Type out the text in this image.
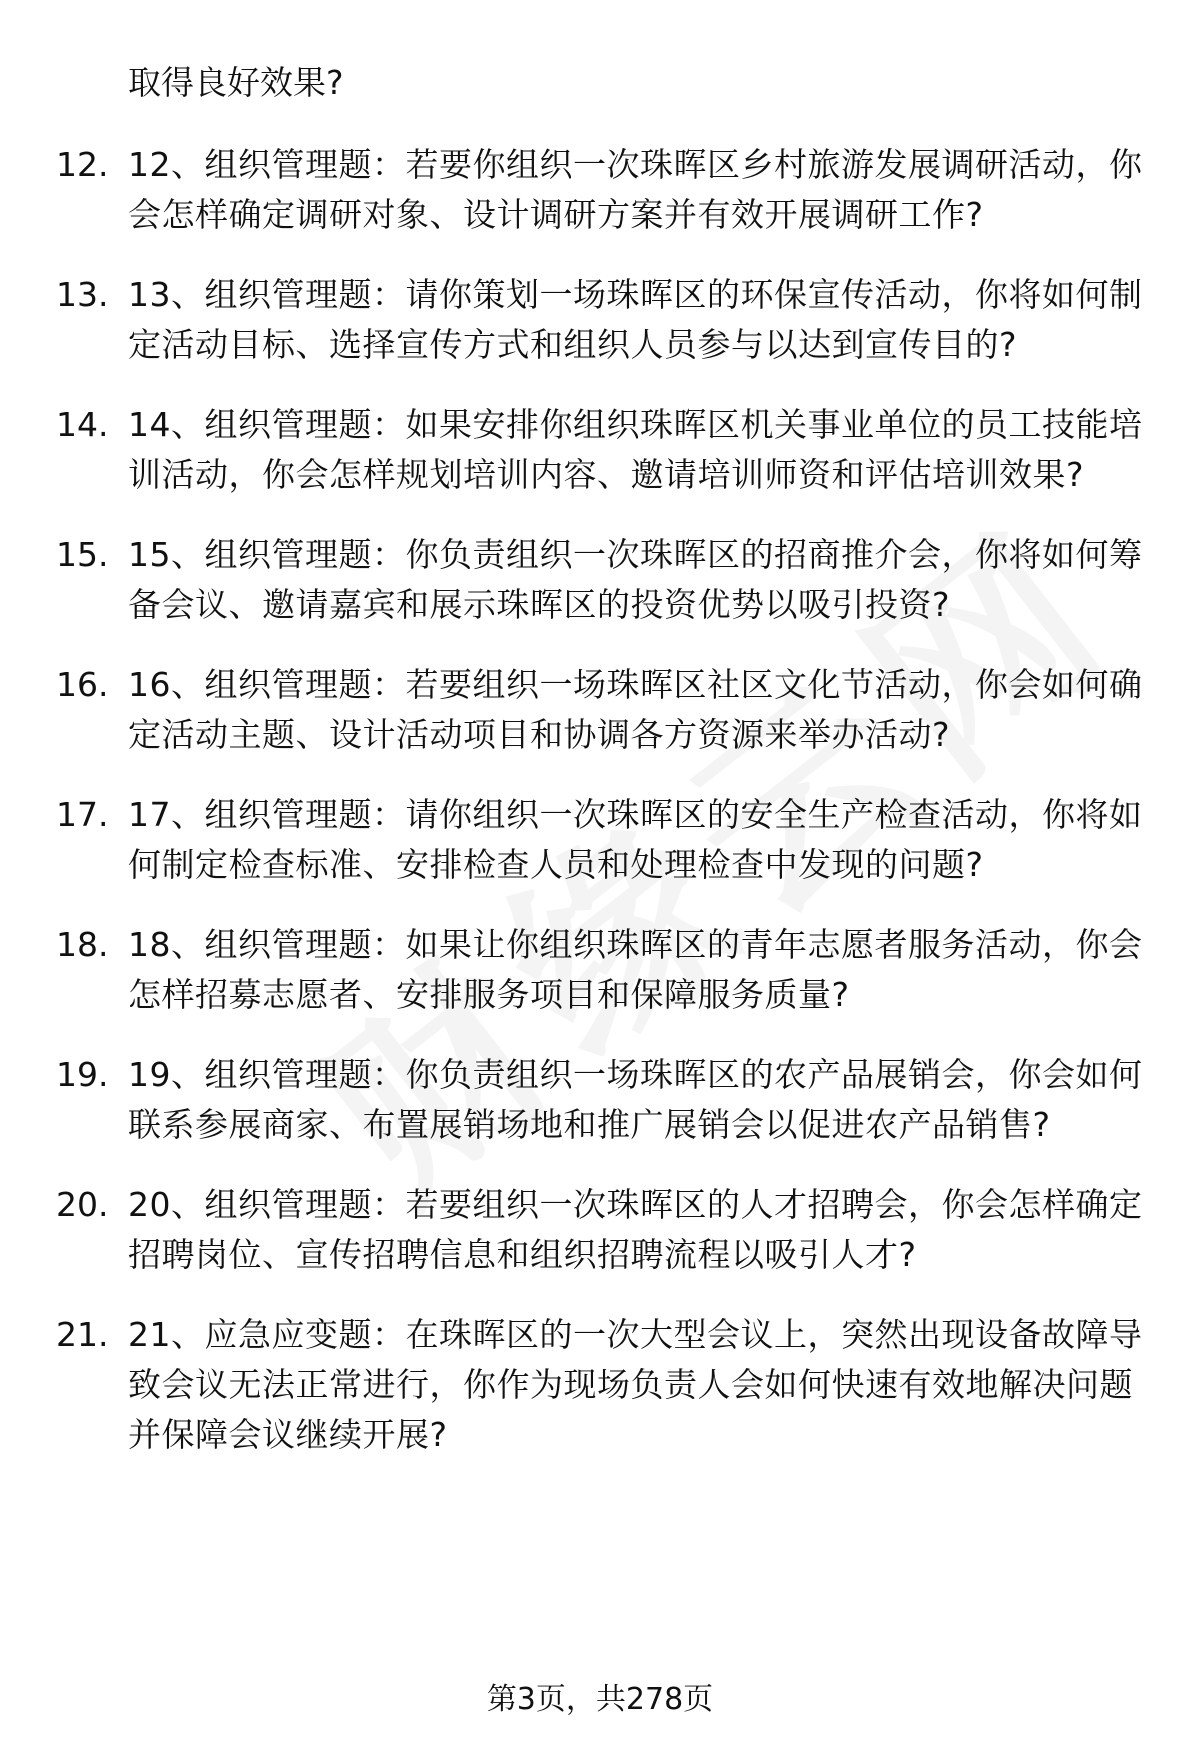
取得良好效果?
12. 12、组织管理题：若要你组织一次珠晖区乡村旅游发展调研活动，你会怎样确定调研对象、设计调研方案并有效开展调研工作?
13. 13、组织管理题：请你策划一场珠晖区的环保宣传活动，你将如何制定活动目标、选择宣传方式和组织人员参与以达到宣传目的?
14. 14、组织管理题：如果安排你组织珠晖区机关事业单位的员工技能培训活动，你会怎样规划培训内容、邀请培训师资和评估培训效果?
15. 15、组织管理题：你负责组织一次珠晖区的招商推介会，你将如何筹备会议、邀请嘉宾和展示珠晖区的投资优势以吸引投资?
16. 16、组织管理题：若要组织一场珠晖区社区文化节活动，你会如何确定活动主题、设计活动项目和协调各方资源来举办活动?
17. 17、组织管理题：请你组织一次珠晖区的安全生产检查活动，你将如何制定检查标准、安排检查人员和处理检查中发现的问题?
18. 18、组织管理题：如果让你组织珠晖区的青年志愿者服务活动，你会怎样招募志愿者、安排服务项目和保障服务质量?
19. 19、组织管理题：你负责组织一场珠晖区的农产品展销会，你会如何联系参展商家、布置展销场地和推广展销会以促进农产品销售?
20. 20、组织管理题：若要组织一次珠晖区的人才招聘会，你会怎样确定招聘岗位、宣传招聘信息和组织招聘流程以吸引人才?
21. 21、应急应变题：在珠晖区的一次大型会议上，突然出现设备故障导致会议无法正常进行，你作为现场负责人会如何快速有效地解决问题并保障会议继续开展?
第3页，共278页
